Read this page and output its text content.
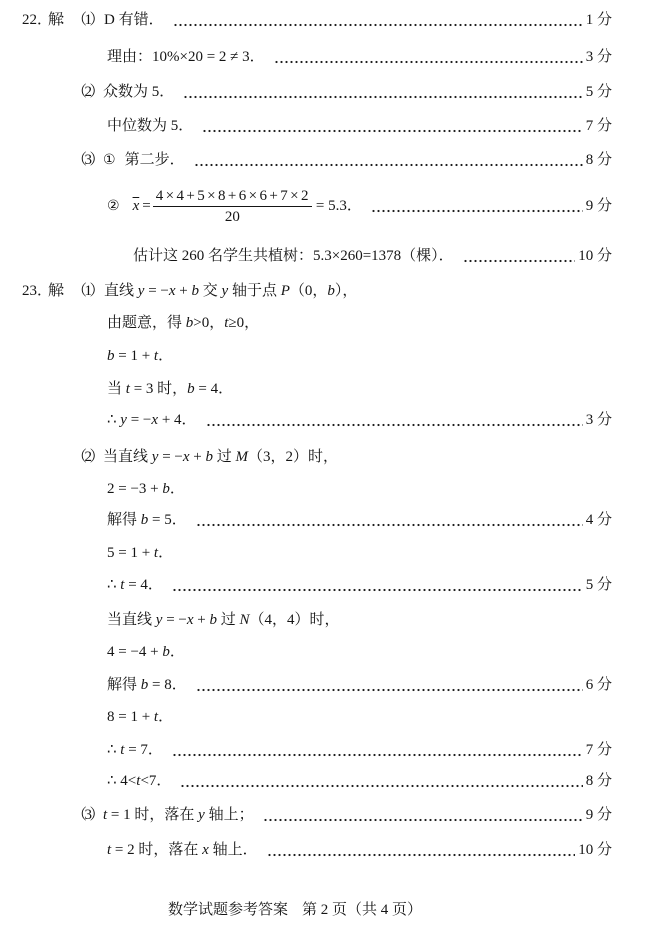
22．
解： （1） D 有错．	1 分
理由：10%×20 = 2 ≠ 3．	3 分
（2） 众数为 5．	5 分
中位数为 5．	7 分
（3） ① 第二步．	8 分
② $\overline{x} = \frac{4\times 4+5\times 8+6\times 6+7\times 2}{20} = 5.3$．	9 分
估计这 260 名学生共植树：5.3×260=1378（棵）．	10 分
23．
解： （1） 直线 y = −x + b 交 y 轴于点 P（0，b），
由题意，得 b>0，t≥0，
b = 1 + t．
当 t = 3 时，b = 4．
∴ y = −x + 4．	3 分
（2） 当直线 y = −x + b 过 M（3，2）时，
2 = −3 + b．
解得 b = 5．	4 分
5 = 1 + t．
∴ t = 4．	5 分
当直线 y = −x + b 过 N（4，4）时，
4 = −4 + b．
解得 b = 8．	6 分
8 = 1 + t．
∴ t = 7．	7 分
∴ 4<t<7．	8 分
（3） t = 1 时，落在 y 轴上；	9 分
t = 2 时，落在 x 轴上．	10 分
数学试题参考答案 第 2 页（共 4 页）
